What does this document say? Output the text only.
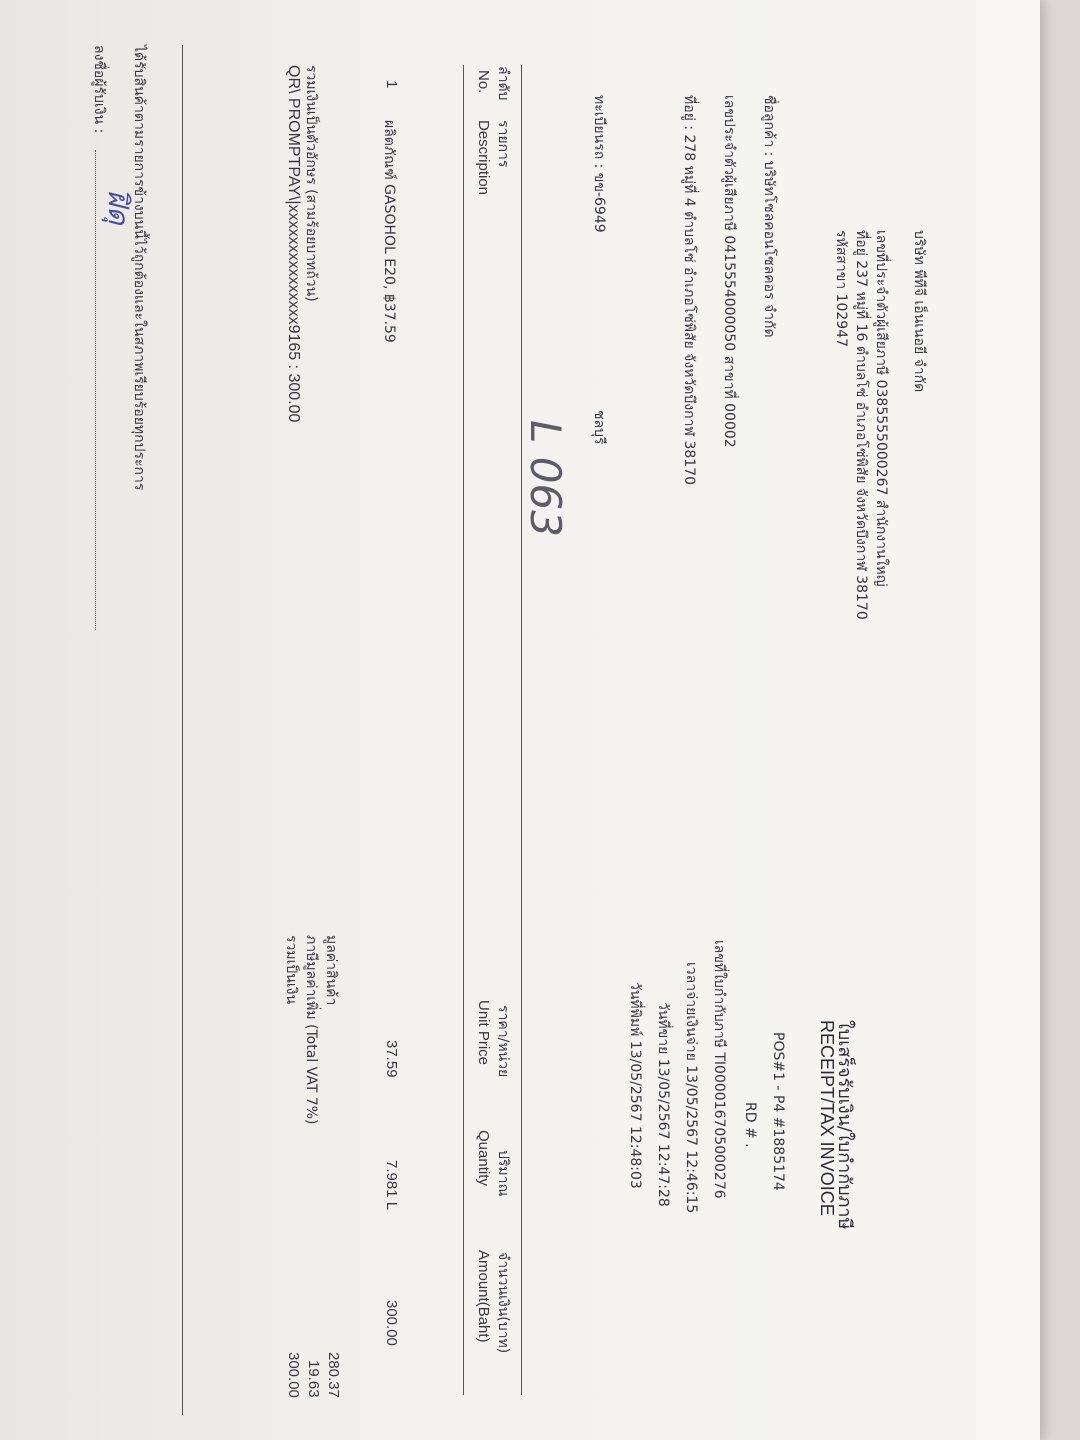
บริษัท พีทีจี เอ็นเนอยี จำกัด
เลขที่ประจำตัวผู้เสียภาษี 0385555000267 สำนักงานใหญ่
ที่อยู่ 237 หมู่ที่ 16 ตำบลโซ่ อำเภอโซ่พิสัย จังหวัดบึงกาฬ 38170
รหัสสาขา 102947
ใบเสร็จรับเงิน/ใบกำกับภาษี
RECEIPT/TAX INVOICE
POS#1 - P4 #1885174
RD # .
เลขที่ใบกำกับภาษี TI000016705000276
เวลาจ่ายเงินจ่าย 13/05/2567 12:46:15
วันที่ขาย 13/05/2567 12:47:28
วันที่พิมพ์ 13/05/2567 12:48:03
ชื่อลูกค้า : บริษัทโซลคอนโซลคอร จำกัด
เลขประจำตัวผู้เสียภาษี 0415554000050 สาขาที่ 00002
ที่อยู่ : 278 หมู่ที่ 4 ตำบลโซ่ อำเภอโซ่พิสัย จังหวัดบึงกาฬ 38170
ทะเบียนรถ : ขข-6949
ชลบุรี
L 063
ลำดับ
No.
รายการ
Description
ราคา/หน่วย
Unit Price
ปริมาณ
Quantity
จำนวนเงิน(บาท)
Amount(Baht)
1
ผลิตภัณฑ์ GASOHOL E20, ฿37.59
37.59
7.981 L
300.00
มูลค่าสินค้า
280.37
ภาษีมูลค่าเพิ่ม (Total VAT 7%)
19.63
รวมเป็นเงิน
300.00
รวมเงินเป็นตัวอักษร (สามร้อยบาทถ้วน)
QR\ PROMPTPAY\|xxxxxxxxxxxxxxx9165 : 300.00
ได้รับสินค้าตามรายการข้างบนนี้ไว้ถูกต้องและในสภาพเรียบร้อยทุกประการ
ลงชื่อผู้รับเงิน :
ฝิดุ
